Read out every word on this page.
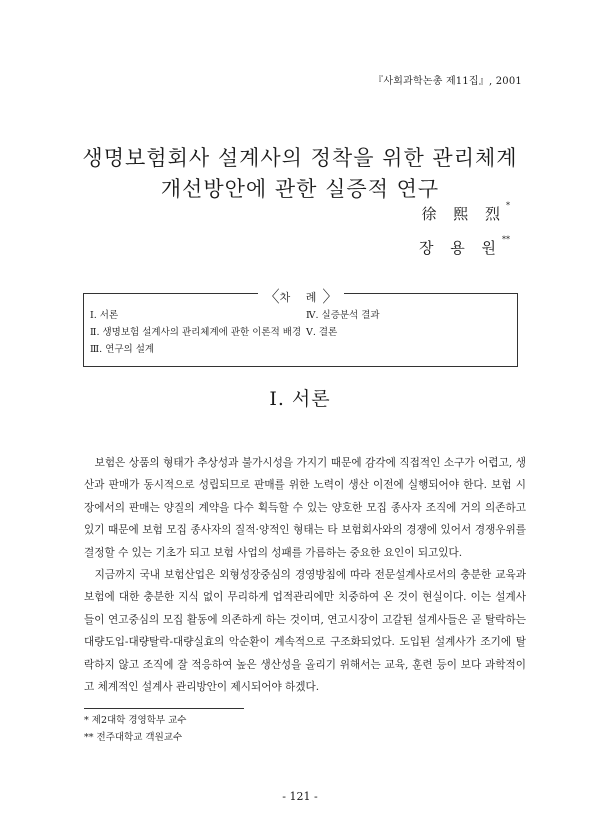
『사회과학논총 제11집』, 2001
생명보험회사 설계사의 정착을 위한 관리체계
개선방안에 관한 실증적 연구
徐 熙 烈*
장 용 원**
〈차 례〉
Ⅰ. 서론
Ⅱ. 생명보험 설계사의 관리체계에 관한 이론적 배경
Ⅲ. 연구의 설계
Ⅳ. 실증분석 결과
Ⅴ. 결론
Ⅰ. 서론

보험은 상품의 형태가 추상성과 불가시성을 가지기 때문에 감각에 직접적인 소구가 어렵고, 생산과 판매가 동시적으로 성립되므로 판매를 위한 노력이 생산 이전에 실행되어야 한다. 보험 시장에서의 판매는 양질의 계약을 다수 획득할 수 있는 양호한 모집 종사자 조직에 거의 의존하고 있기 때문에 보험 모집 종사자의 질적·양적인 형태는 타 보험회사와의 경쟁에 있어서 경쟁우위를 결정할 수 있는 기초가 되고 보험 사업의 성패를 가름하는 중요한 요인이 되고있다.

지금까지 국내 보험산업은 외형성장중심의 경영방침에 따라 전문설계사로서의 충분한 교육과 보험에 대한 충분한 지식 없이 무리하게 업적관리에만 치중하여 온 것이 현실이다. 이는 설계사들이 연고중심의 모집 활동에 의존하게 하는 것이며, 연고시장이 고갈된 설계사들은 곧 탈락하는 대량도입-대량탈락-대량실효의 악순환이 계속적으로 구조화되었다. 도입된 설계사가 조기에 탈락하지 않고 조직에 잘 적응하여 높은 생산성을 올리기 위해서는 교육, 훈련 등이 보다 과학적이고 체계적인 설계사 관리방안이 제시되어야 하겠다.

* 제2대학 경영학부 교수
** 전주대학교 객원교수
- 121 -
